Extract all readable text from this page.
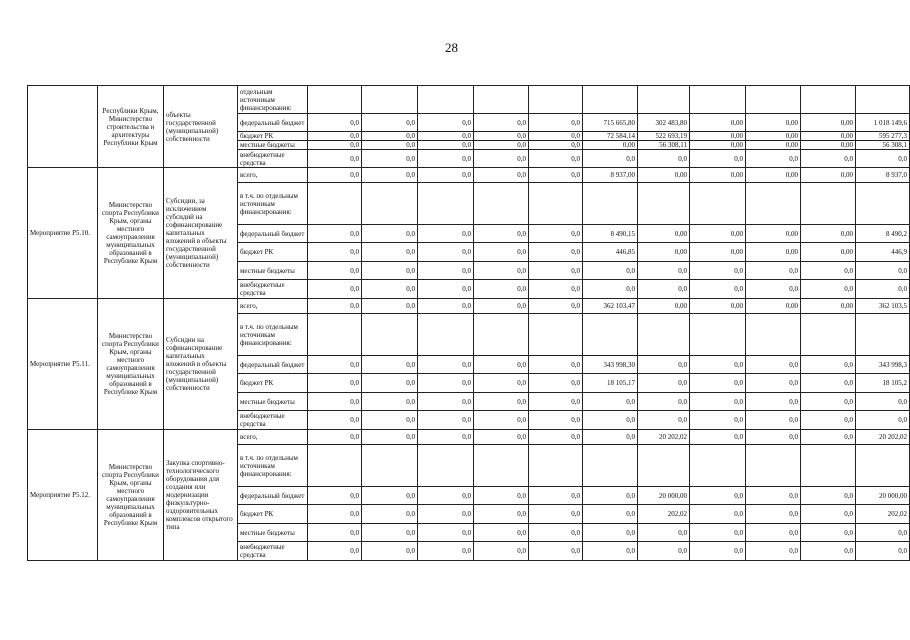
28
	Республики Крым, Министерство строительства и архитектуры Республики Крым	объекты государственной (муниципальной) собственности	отдельным источникам финансирования:											
			федеральный бюджет	0,0	0,0	0,0	0,0	0,0	715 665,80	302 483,80	0,00	0,00	0,00	1 018 149,6
			бюджет РК	0,0	0,0	0,0	0,0	0,0	72 584,14	522 693,19	0,00	0,00	0,00	595 277,3
			местные бюджеты	0,0	0,0	0,0	0,0	0,0	0,00	56 308,11	0,00	0,00	0,00	56 308,1
			внебюджетные средства	0,0	0,0	0,0	0,0	0,0	0,0	0,0	0,0	0,0	0,0	0,0
Мероприятие Р5.10.	Министерство спорта Республики Крым, органы местного самоуправления муниципальных образований в Республике Крым	Субсидии, за исключением субсидий на софинансирование капитальных вложений в объекты государственной (муниципальной) собственности	всего,	0,0	0,0	0,0	0,0	0,0	8 937,00	0,00	0,00	0,00	0,00	8 937,0
			в т.ч. по отдельным источникам финансирования:											
			федеральный бюджет	0,0	0,0	0,0	0,0	0,0	8 490,15	0,00	0,00	0,00	0,00	8 490,2
			бюджет РК	0,0	0,0	0,0	0,0	0,0	446,85	0,00	0,00	0,00	0,00	446,9
			местные бюджеты	0,0	0,0	0,0	0,0	0,0	0,0	0,0	0,0	0,0	0,0	0,0
			внебюджетные средства	0,0	0,0	0,0	0,0	0,0	0,0	0,0	0,0	0,0	0,0	0,0
Мероприятие Р5.11.	Министерство спорта Республики Крым, органы местного самоуправления муниципальных образований в Республике Крым	Субсидии на софинансирование капитальных вложений в объекты государственной (муниципальной) собственности	всего,	0,0	0,0	0,0	0,0	0,0	362 103,47	0,00	0,00	0,00	0,00	362 103,5
			в т.ч. по отдельным источникам финансирования:											
			федеральный бюджет	0,0	0,0	0,0	0,0	0,0	343 998,30	0,0	0,0	0,0	0,0	343 998,3
			бюджет РК	0,0	0,0	0,0	0,0	0,0	18 105,17	0,0	0,0	0,0	0,0	18 105,2
			местные бюджеты	0,0	0,0	0,0	0,0	0,0	0,0	0,0	0,0	0,0	0,0	0,0
			внебюджетные средства	0,0	0,0	0,0	0,0	0,0	0,0	0,0	0,0	0,0	0,0	0,0
Мероприятие Р5.12.	Министерство спорта Республики Крым, органы местного самоуправления муниципальных образований в Республике Крым	Закупка спортивно-технологического оборудования для создания или модернизации физкультурно-оздоровительных комплексов открытого типа	всего,	0,0	0,0	0,0	0,0	0,0	0,0	20 202,02	0,0	0,0	0,0	20 202,02
			в т.ч. по отдельным источникам финансирования:											
			федеральный бюджет	0,0	0,0	0,0	0,0	0,0	0,0	20 000,00	0,0	0,0	0,0	20 000,00
			бюджет РК	0,0	0,0	0,0	0,0	0,0	0,0	202,02	0,0	0,0	0,0	202,02
			местные бюджеты	0,0	0,0	0,0	0,0	0,0	0,0	0,0	0,0	0,0	0,0	0,0
			внебюджетные средства	0,0	0,0	0,0	0,0	0,0	0,0	0,0	0,0	0,0	0,0	0,0
